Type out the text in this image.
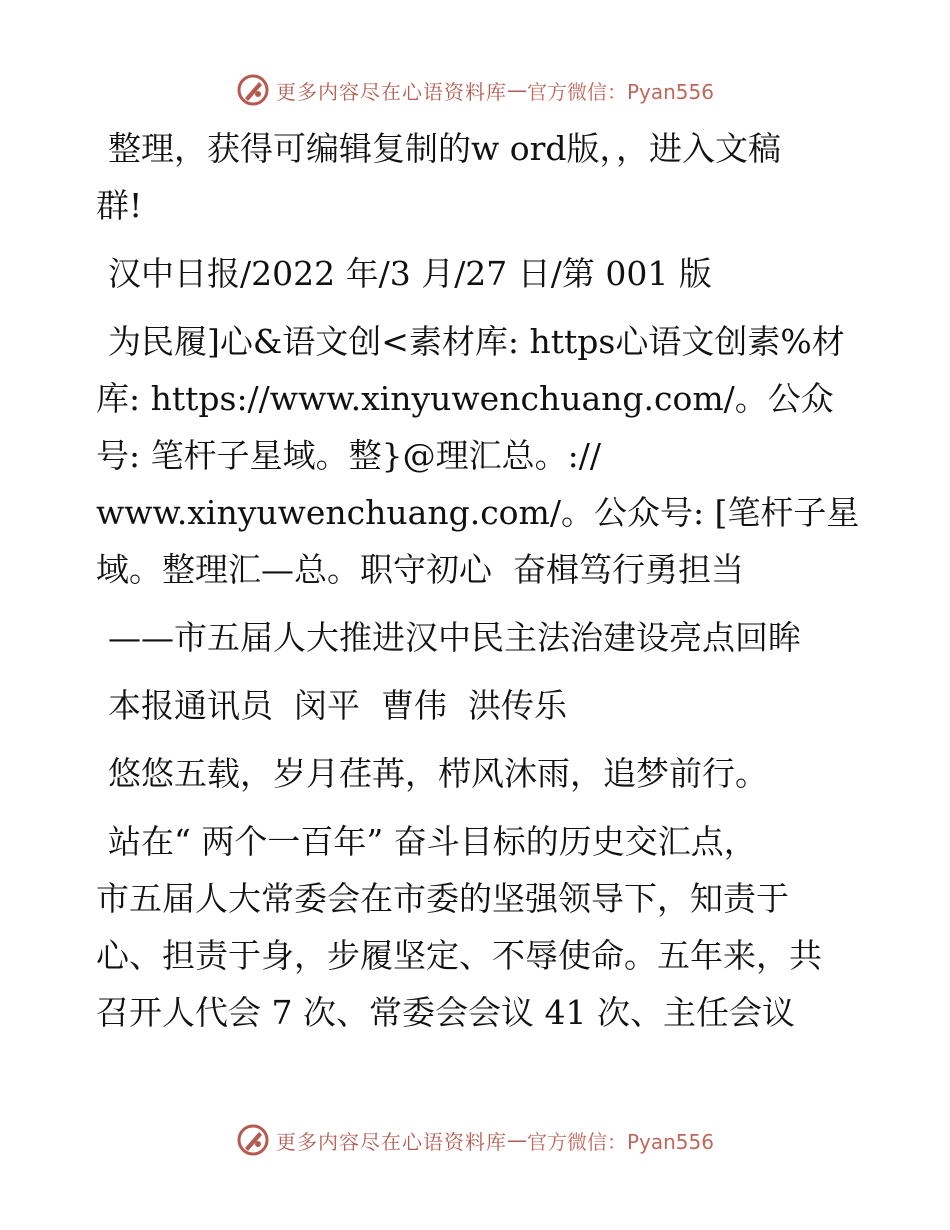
更多内容尽在心语资料库 — 官方微信：Pyan556
整理，获得可编辑复制的w ord版，，进入文稿
群!
汉中日报/2022 年/3 月/27 日/第 001 版
为民履]心&语文创<素材库: https心语文创素%材
库: https://www.xinyuwenchuang.com/。公众
号: 笔杆子星域。整}@理汇总。://
www.xinyuwenchuang.com/。公众号: [笔杆子星
域。整理汇—总。职守初心  奋楫笃行勇担当
——市五届人大推进汉中民主法治建设亮点回眸
本报通讯员  闵平  曹伟  洪传乐
悠悠五载，岁月荏苒，栉风沐雨，追梦前行。
站在“ 两个一百年” 奋斗目标的历史交汇点，
市五届人大常委会在市委的坚强领导下，知责于
心、担责于身，步履坚定、不辱使命。五年来，共
召开人代会 7 次、常委会会议 41 次、主任会议
更多内容尽在心语资料库 — 官方微信：Pyan556
